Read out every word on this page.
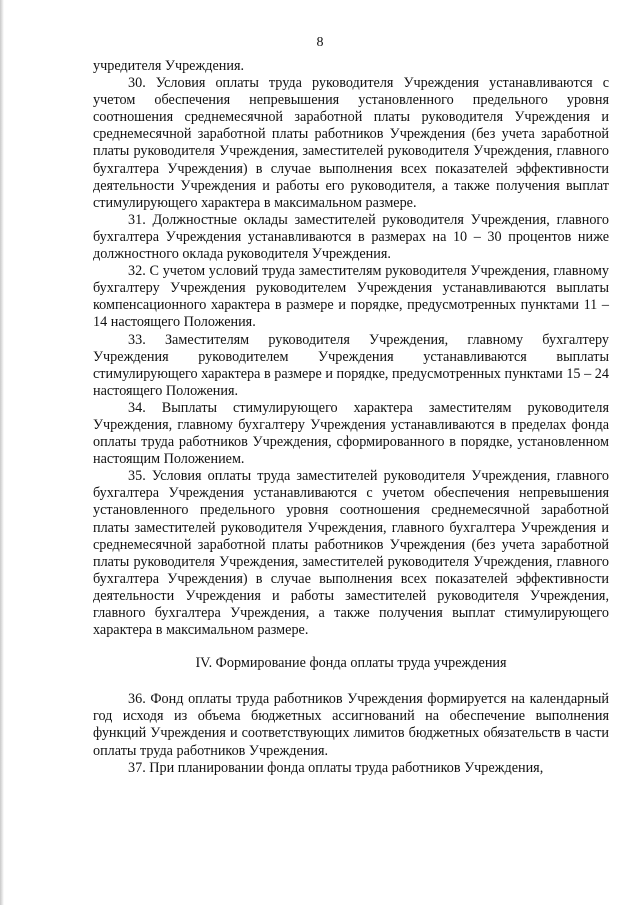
8

учредителя Учреждения.

30. Условия оплаты труда руководителя Учреждения устанавливаются с учетом обеспечения непревышения установленного предельного уровня соотношения среднемесячной заработной платы руководителя Учреждения и среднемесячной заработной платы работников Учреждения (без учета заработной платы руководителя Учреждения, заместителей руководителя Учреждения, главного бухгалтера Учреждения) в случае выполнения всех показателей эффективности деятельности Учреждения и работы его руководителя, а также получения выплат стимулирующего характера в максимальном размере.

31. Должностные оклады заместителей руководителя Учреждения, главного бухгалтера Учреждения устанавливаются в размерах на 10 – 30 процентов ниже должностного оклада руководителя Учреждения.

32. С учетом условий труда заместителям руководителя Учреждения, главному бухгалтеру Учреждения руководителем Учреждения устанавливаются выплаты компенсационного характера в размере и порядке, предусмотренных пунктами 11 – 14 настоящего Положения.

33. Заместителям руководителя Учреждения, главному бухгалтеру Учреждения руководителем Учреждения устанавливаются выплаты стимулирующего характера в размере и порядке, предусмотренных пунктами 15 – 24 настоящего Положения.

34. Выплаты стимулирующего характера заместителям руководителя Учреждения, главному бухгалтеру Учреждения устанавливаются в пределах фонда оплаты труда работников Учреждения, сформированного в порядке, установленном настоящим Положением.

35. Условия оплаты труда заместителей руководителя Учреждения, главного бухгалтера Учреждения устанавливаются с учетом обеспечения непревышения установленного предельного уровня соотношения среднемесячной заработной платы заместителей руководителя Учреждения, главного бухгалтера Учреждения и среднемесячной заработной платы работников Учреждения (без учета заработной платы руководителя Учреждения, заместителей руководителя Учреждения, главного бухгалтера Учреждения) в случае выполнения всех показателей эффективности деятельности Учреждения и работы заместителей руководителя Учреждения, главного бухгалтера Учреждения, а также получения выплат стимулирующего характера в максимальном размере.

IV. Формирование фонда оплаты труда учреждения

36. Фонд оплаты труда работников Учреждения формируется на календарный год исходя из объема бюджетных ассигнований на обеспечение выполнения функций Учреждения и соответствующих лимитов бюджетных обязательств в части оплаты труда работников Учреждения.

37. При планировании фонда оплаты труда работников Учреждения,
